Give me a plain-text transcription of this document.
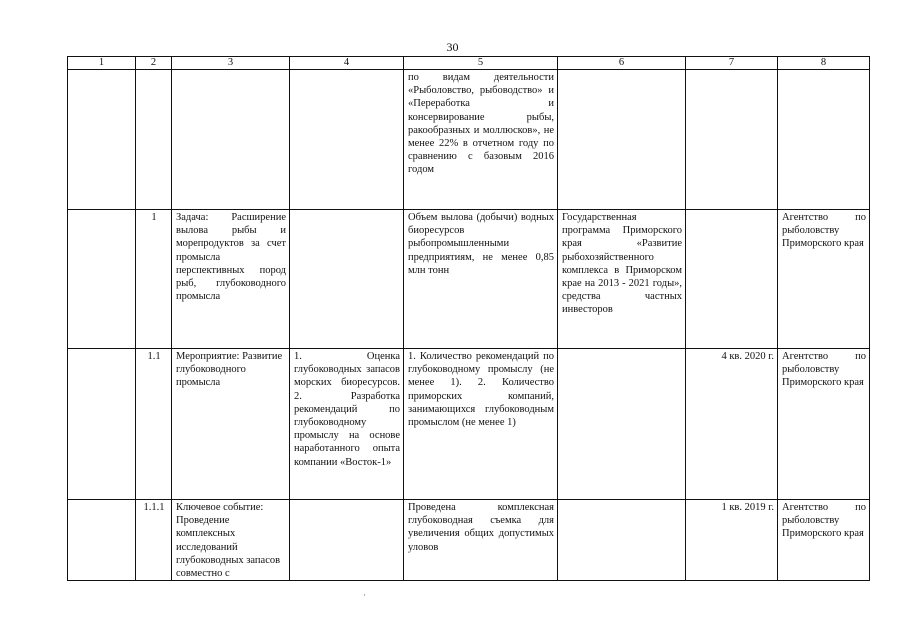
30
1	2	3	4	5	6	7	8
				по видам деятельности «Рыболовство, рыбоводство» и «Переработка и консервирование рыбы, ракообразных и моллюсков», не менее 22% в отчетном году по сравнению с базовым 2016 годом			
	1	Задача: Расширение вылова рыбы и морепродуктов за счет промысла перспективных пород рыб, глубоководного промысла		Объем вылова (добычи) водных биоресурсов рыбопромышленными предприятиям, не менее 0,85 млн тонн	Государственная программа Приморского края «Развитие рыбохозяйственного комплекса в Приморском крае на 2013 - 2021 годы», средства частных инвесторов		Агентство по рыболовству Приморского края
	1.1	Мероприятие: Развитие глубоководного промысла	1. Оценка глубоководных запасов морских биоресурсов. 2. Разработка рекомендаций по глубоководному промыслу на основе наработанного опыта компании «Восток-1»	1. Количество рекомендаций по глубоководному промыслу (не менее 1). 2. Количество приморских компаний, занимающихся глубоководным промыслом (не менее 1)		4 кв. 2020 г.	Агентство по рыболовству Приморского края
	1.1.1	Ключевое событие: Проведение комплексных исследований глубоководных запасов совместно с		Проведена комплексная глубоководная съемка для увеличения общих допустимых уловов		1 кв. 2019 г.	Агентство по рыболовству Приморского края
·
